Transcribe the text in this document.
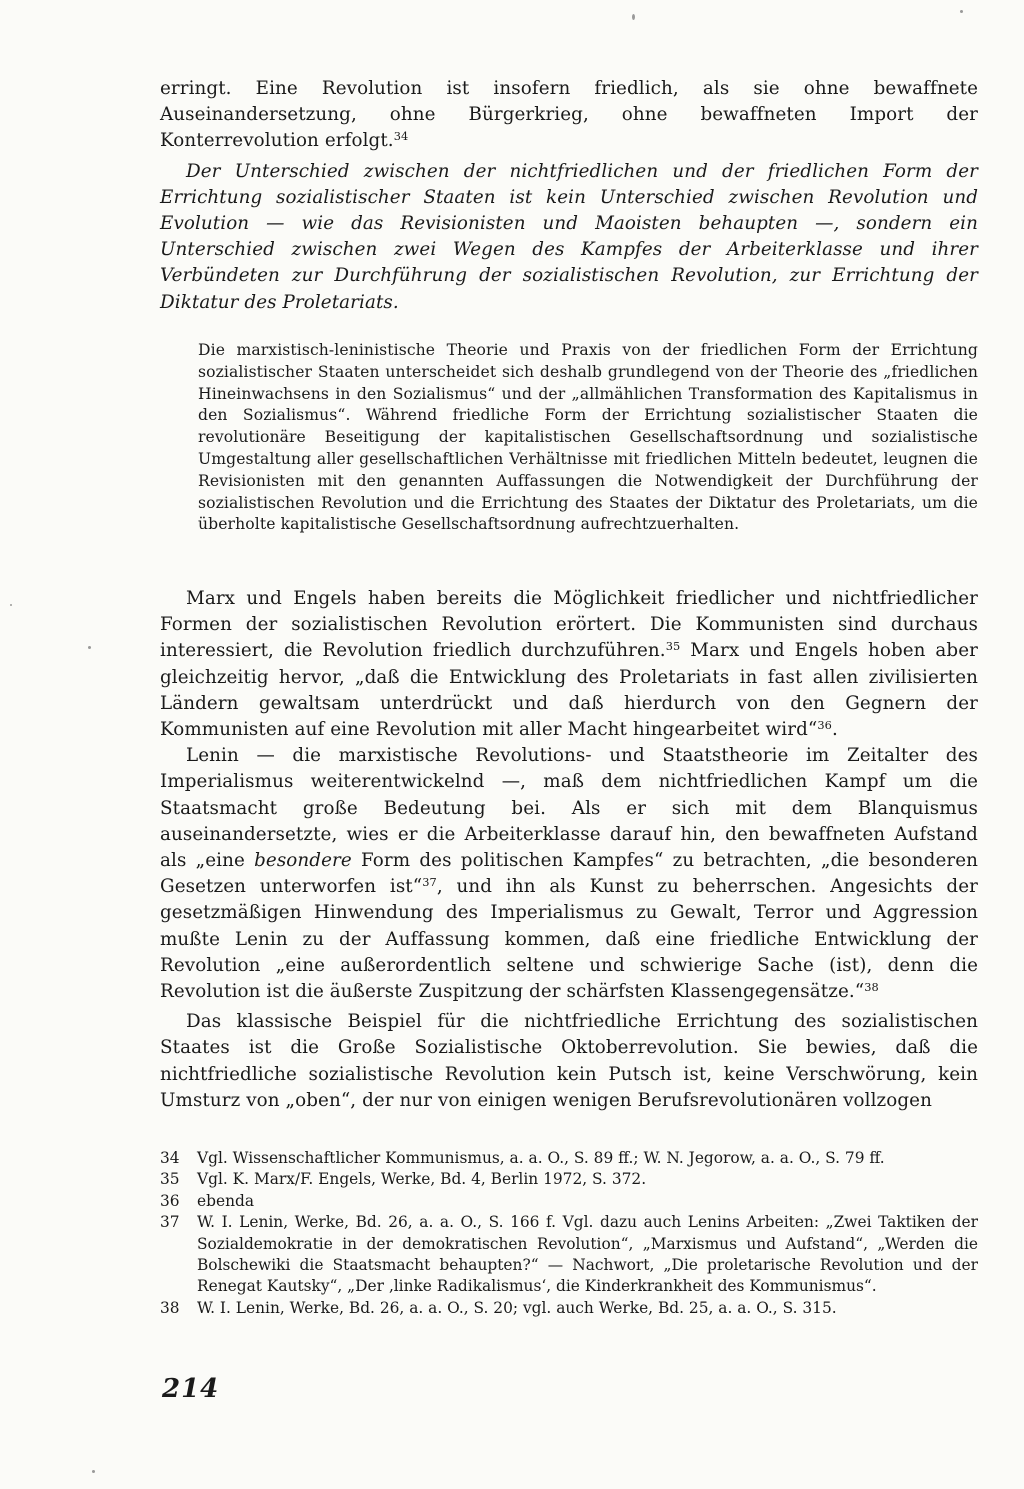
erringt. Eine Revolution ist insofern friedlich, als sie ohne bewaffnete Auseinandersetzung, ohne Bürgerkrieg, ohne bewaffneten Import der Konterrevolution erfolgt.$^{34}$

Der Unterschied zwischen der nichtfriedlichen und der friedlichen Form der Errichtung sozialistischer Staaten ist kein Unterschied zwischen Revolution und Evolution — wie das Revisionisten und Maoisten behaupten —, sondern ein Unterschied zwischen zwei Wegen des Kampfes der Arbeiterklasse und ihrer Verbündeten zur Durchführung der sozialistischen Revolution, zur Errichtung der Diktatur des Proletariats.

Die marxistisch-leninistische Theorie und Praxis von der friedlichen Form der Errichtung sozialistischer Staaten unterscheidet sich deshalb grundlegend von der Theorie des „friedlichen Hineinwachsens in den Sozialismus“ und der „allmählichen Transformation des Kapitalismus in den Sozialismus“. Während friedliche Form der Errichtung sozialistischer Staaten die revolutionäre Beseitigung der kapitalistischen Gesellschaftsordnung und sozialistische Umgestaltung aller gesellschaftlichen Verhältnisse mit friedlichen Mitteln bedeutet, leugnen die Revisionisten mit den genannten Auffassungen die Notwendigkeit der Durchführung der sozialistischen Revolution und die Errichtung des Staates der Diktatur des Proletariats, um die überholte kapitalistische Gesellschaftsordnung aufrechtzuerhalten.

Marx und Engels haben bereits die Möglichkeit friedlicher und nichtfriedlicher Formen der sozialistischen Revolution erörtert. Die Kommunisten sind durchaus interessiert, die Revolution friedlich durchzuführen.$^{35}$ Marx und Engels hoben aber gleichzeitig hervor, „daß die Entwicklung des Proletariats in fast allen zivilisierten Ländern gewaltsam unterdrückt und daß hierdurch von den Gegnern der Kommunisten auf eine Revolution mit aller Macht hingearbeitet wird“$^{36}$.

Lenin — die marxistische Revolutions- und Staatstheorie im Zeitalter des Imperialismus weiterentwickelnd —, maß dem nichtfriedlichen Kampf um die Staatsmacht große Bedeutung bei. Als er sich mit dem Blanquismus auseinandersetzte, wies er die Arbeiterklasse darauf hin, den bewaffneten Aufstand als „eine besondere Form des politischen Kampfes“ zu betrachten, „die besonderen Gesetzen unterworfen ist“$^{37}$, und ihn als Kunst zu beherrschen. Angesichts der gesetzmäßigen Hinwendung des Imperialismus zu Gewalt, Terror und Aggression mußte Lenin zu der Auffassung kommen, daß eine friedliche Entwicklung der Revolution „eine außerordentlich seltene und schwierige Sache (ist), denn die Revolution ist die äußerste Zuspitzung der schärfsten Klassengegensätze.“$^{38}$

Das klassische Beispiel für die nichtfriedliche Errichtung des sozialistischen Staates ist die Große Sozialistische Oktoberrevolution. Sie bewies, daß die nichtfriedliche sozialistische Revolution kein Putsch ist, keine Verschwörung, kein Umsturz von „oben“, der nur von einigen wenigen Berufsrevolutionären vollzogen

34	Vgl. Wissenschaftlicher Kommunismus, a. a. O., S. 89 ff.; W. N. Jegorow, a. a. O., S. 79 ff.
35	Vgl. K. Marx/F. Engels, Werke, Bd. 4, Berlin 1972, S. 372.
36	ebenda
37	W. I. Lenin, Werke, Bd. 26, a. a. O., S. 166 f. Vgl. dazu auch Lenins Arbeiten: „Zwei Taktiken der Sozialdemokratie in der demokratischen Revolution“, „Marxismus und Aufstand“, „Werden die Bolschewiki die Staatsmacht behaupten?“ — Nachwort, „Die proletarische Revolution und der Renegat Kautsky“, „Der ‚linke Radikalismus‘, die Kinderkrankheit des Kommunismus“.
38	W. I. Lenin, Werke, Bd. 26, a. a. O., S. 20; vgl. auch Werke, Bd. 25, a. a. O., S. 315.
214
